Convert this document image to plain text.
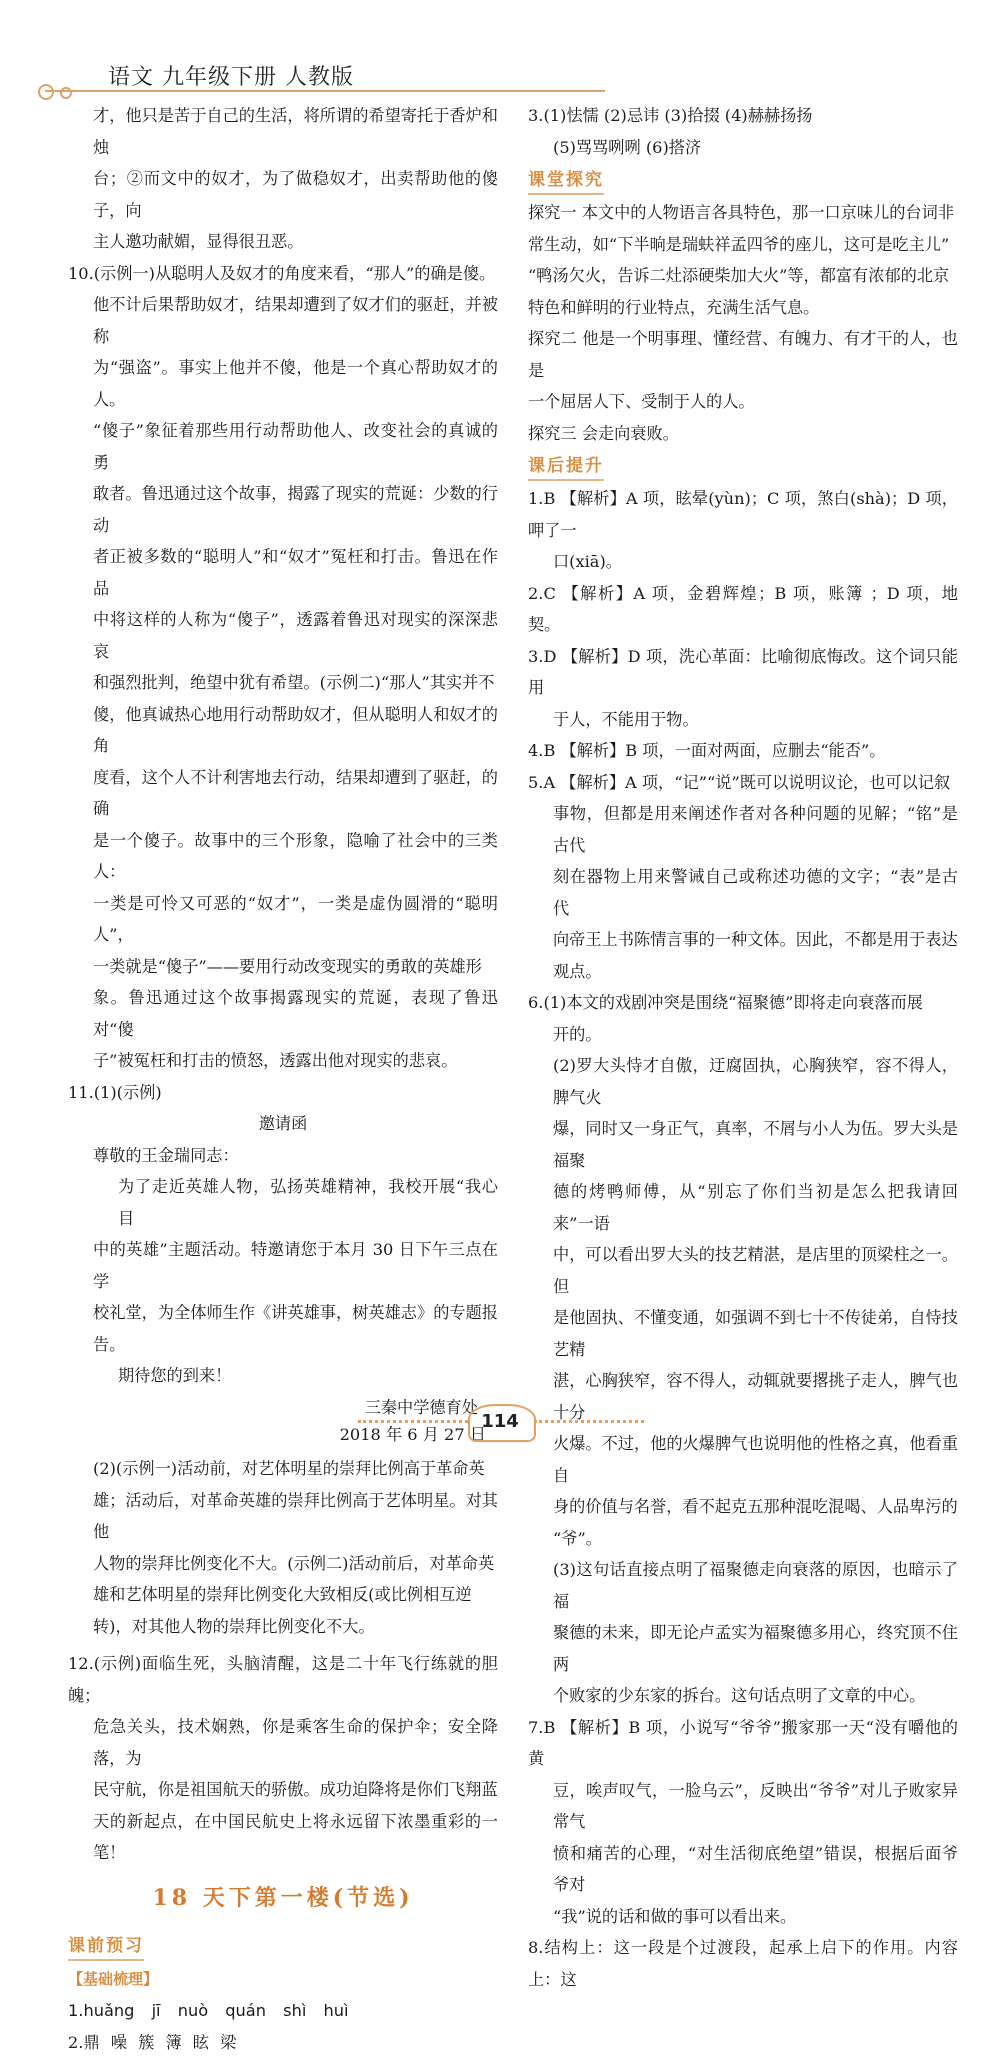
语文 九年级下册 人教版

才，他只是苦于自己的生活，将所谓的希望寄托于香炉和烛

台；②而文中的奴才，为了做稳奴才，出卖帮助他的傻子，向

主人邀功献媚，显得很丑恶。

10.(示例一)从聪明人及奴才的角度来看，“那人”的确是傻。

他不计后果帮助奴才，结果却遭到了奴才们的驱赶，并被称

为“强盗”。事实上他并不傻，他是一个真心帮助奴才的人。

“傻子”象征着那些用行动帮助他人、改变社会的真诚的勇

敢者。鲁迅通过这个故事，揭露了现实的荒诞：少数的行动

者正被多数的“聪明人”和“奴才”冤枉和打击。鲁迅在作品

中将这样的人称为“傻子”，透露着鲁迅对现实的深深悲哀

和强烈批判，绝望中犹有希望。(示例二)“那人”其实并不

傻，他真诚热心地用行动帮助奴才，但从聪明人和奴才的角

度看，这个人不计利害地去行动，结果却遭到了驱赶，的确

是一个傻子。故事中的三个形象，隐喻了社会中的三类人：

一类是可怜又可恶的“奴才”，一类是虚伪圆滑的“聪明人”，

一类就是“傻子”——要用行动改变现实的勇敢的英雄形

象。鲁迅通过这个故事揭露现实的荒诞，表现了鲁迅对“傻

子”被冤枉和打击的愤怒，透露出他对现实的悲哀。

11.(1)(示例)

邀请函

尊敬的王金瑞同志：

为了走近英雄人物，弘扬英雄精神，我校开展“我心目

中的英雄”主题活动。特邀请您于本月 30 日下午三点在学

校礼堂，为全体师生作《讲英雄事，树英雄志》的专题报告。

期待您的到来！

三秦中学德育处

2018 年 6 月 27 日

(2)(示例一)活动前，对艺体明星的崇拜比例高于革命英

雄；活动后，对革命英雄的崇拜比例高于艺体明星。对其他

人物的崇拜比例变化不大。(示例二)活动前后，对革命英

雄和艺体明星的崇拜比例变化大致相反(或比例相互逆

转)，对其他人物的崇拜比例变化不大。

12.(示例)面临生死，头脑清醒，这是二十年飞行练就的胆魄；

危急关头，技术娴熟，你是乘客生命的保护伞；安全降落，为

民守航，你是祖国航天的骄傲。成功迫降将是你们飞翔蓝

天的新起点，在中国民航史上将永远留下浓墨重彩的一笔！

18 天下第一楼(节选)
课前预习
【基础梳理】

1.huǎng jī nuò quán shì huì

2.鼎 噪 簇 簿 眩 梁

3.(1)怯懦 (2)忌讳 (3)拾掇 (4)赫赫扬扬

(5)骂骂咧咧 (6)搭济

课堂探究

探究一 本文中的人物语言各具特色，那一口京味儿的台词非

常生动，如“下半晌是瑞蚨祥孟四爷的座儿，这可是吃主儿”

“鸭汤欠火，告诉二灶添硬柴加大火”等，都富有浓郁的北京

特色和鲜明的行业特点，充满生活气息。

探究二 他是一个明事理、懂经营、有魄力、有才干的人，也是

一个屈居人下、受制于人的人。

探究三 会走向衰败。

课后提升

1.B 【解析】A 项，眩晕(yùn)；C 项，煞白(shà)；D 项，呷了一

口(xiā)。

2.C 【解析】A 项，金碧辉煌；B 项，账簿 ；D 项，地契。

3.D 【解析】D 项，洗心革面：比喻彻底悔改。这个词只能用

于人，不能用于物。

4.B 【解析】B 项，一面对两面，应删去“能否”。

5.A 【解析】A 项，“记”“说”既可以说明议论，也可以记叙

事物，但都是用来阐述作者对各种问题的见解；“铭”是古代

刻在器物上用来警诫自己或称述功德的文字；“表”是古代

向帝王上书陈情言事的一种文体。因此，不都是用于表达

观点。

6.(1)本文的戏剧冲突是围绕“福聚德”即将走向衰落而展

开的。

(2)罗大头恃才自傲，迂腐固执，心胸狭窄，容不得人，脾气火

爆，同时又一身正气，真率，不屑与小人为伍。罗大头是福聚

德的烤鸭师傅，从“别忘了你们当初是怎么把我请回来”一语

中，可以看出罗大头的技艺精湛，是店里的顶梁柱之一。但

是他固执、不懂变通，如强调不到七十不传徒弟，自恃技艺精

湛，心胸狭窄，容不得人，动辄就要撂挑子走人，脾气也十分

火爆。不过，他的火爆脾气也说明他的性格之真，他看重自

身的价值与名誉，看不起克五那种混吃混喝、人品卑污的

“爷”。

(3)这句话直接点明了福聚德走向衰落的原因，也暗示了福

聚德的未来，即无论卢孟实为福聚德多用心，终究顶不住两

个败家的少东家的拆台。这句话点明了文章的中心。

7.B 【解析】B 项，小说写“爷爷”搬家那一天“没有嚼他的黄

豆，唉声叹气，一脸乌云”，反映出“爷爷”对儿子败家异常气

愤和痛苦的心理，“对生活彻底绝望”错误，根据后面爷爷对

“我”说的话和做的事可以看出来。

8.结构上：这一段是个过渡段，起承上启下的作用。内容上：这

114
